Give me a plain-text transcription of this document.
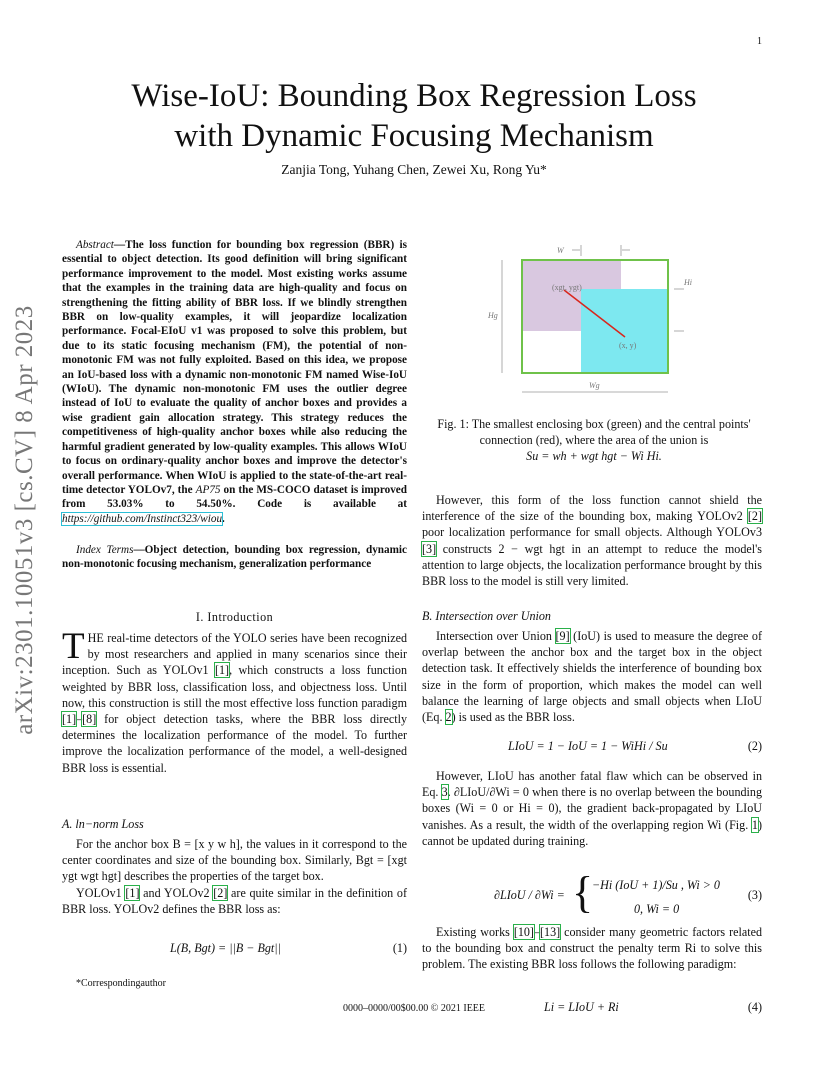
1
Wise-IoU: Bounding Box Regression Loss
with Dynamic Focusing Mechanism
Zanjia Tong, Yuhang Chen, Zewei Xu, Rong Yu*
arXiv:2301.10051v3 [cs.CV] 8 Apr 2023

Abstract—The loss function for bounding box regression (BBR) is essential to object detection. Its good definition will bring significant performance improvement to the model. Most existing works assume that the examples in the training data are high-quality and focus on strengthening the fitting ability of BBR loss. If we blindly strengthen BBR on low-quality examples, it will jeopardize localization performance. Focal-EIoU v1 was proposed to solve this problem, but due to its static focusing mechanism (FM), the potential of non-monotonic FM was not fully exploited. Based on this idea, we propose an IoU-based loss with a dynamic non-monotonic FM named Wise-IoU (WIoU). The dynamic non-monotonic FM uses the outlier degree instead of IoU to evaluate the quality of anchor boxes and provides a wise gradient gain allocation strategy. This strategy reduces the competitiveness of high-quality anchor boxes while also reducing the harmful gradient generated by low-quality examples. This allows WIoU to focus on ordinary-quality anchor boxes and improve the detector's overall performance. When WIoU is applied to the state-of-the-art real-time detector YOLOv7, the AP75 on the MS-COCO dataset is improved from 53.03% to 54.50%. Code is available at https://github.com/Instinct323/wiou.

Index Terms—Object detection, bounding box regression, dynamic non-monotonic focusing mechanism, generalization performance

I. Introduction

THE real-time detectors of the YOLO series have been recognized by most researchers and applied in many scenarios since their inception. Such as YOLOv1 [1], which constructs a loss function weighted by BBR loss, classification loss, and objectness loss. Until now, this construction is still the most effective loss function paradigm [1]–[8] for object detection tasks, where the BBR loss directly determines the localization performance of the model. To further improve the localization performance of the model, a well-designed BBR loss is essential.

A. ln−norm Loss

For the anchor box B = [x y w h], the values in it correspond to the center coordinates and size of the bounding box. Similarly, Bgt = [xgt ygt wgt hgt] describes the properties of the target box.

YOLOv1 [1] and YOLOv2 [2] are quite similar in the definition of BBR loss. YOLOv2 defines the BBR loss as:

L(B, Bgt) = ||B − Bgt||	(1)
*Correspondingauthor
0000–0000/00$00.00 © 2021 IEEE
(xgt, ygt)
(x, y)
W
Hi
Hg
Wg
Fig. 1: The smallest enclosing box (green) and the central points' connection (red), where the area of the union is
Su = wh + wgt hgt − Wi Hi.

However, this form of the loss function cannot shield the interference of the size of the bounding box, making YOLOv2 [2] poor localization performance for small objects. Although YOLOv3 [3] constructs 2 − wgt hgt in an attempt to reduce the model's attention to large objects, the localization performance brought by this BBR loss to the model is still very limited.

B. Intersection over Union

Intersection over Union [9] (IoU) is used to measure the degree of overlap between the anchor box and the target box in the object detection task. It effectively shields the interference of bounding box size in the form of proportion, which makes the model can well balance the learning of large objects and small objects when LIoU (Eq. 2) is used as the BBR loss.

LIoU = 1 − IoU = 1 − WiHi / Su	(2)

However, LIoU has another fatal flaw which can be observed in Eq. 3. ∂LIoU/∂Wi = 0 when there is no overlap between the bounding boxes (Wi = 0 or Hi = 0), the gradient back-propagated by LIoU vanishes. As a result, the width of the overlapping region Wi (Fig. 1) cannot be updated during training.

∂LIoU / ∂Wi = {
−Hi (IoU + 1)/Su , Wi > 0
0, Wi = 0
(3)

Existing works [10]–[13] consider many geometric factors related to the bounding box and construct the penalty term Ri to solve this problem. The existing BBR loss follows the following paradigm:

Li = LIoU + Ri	(4)
